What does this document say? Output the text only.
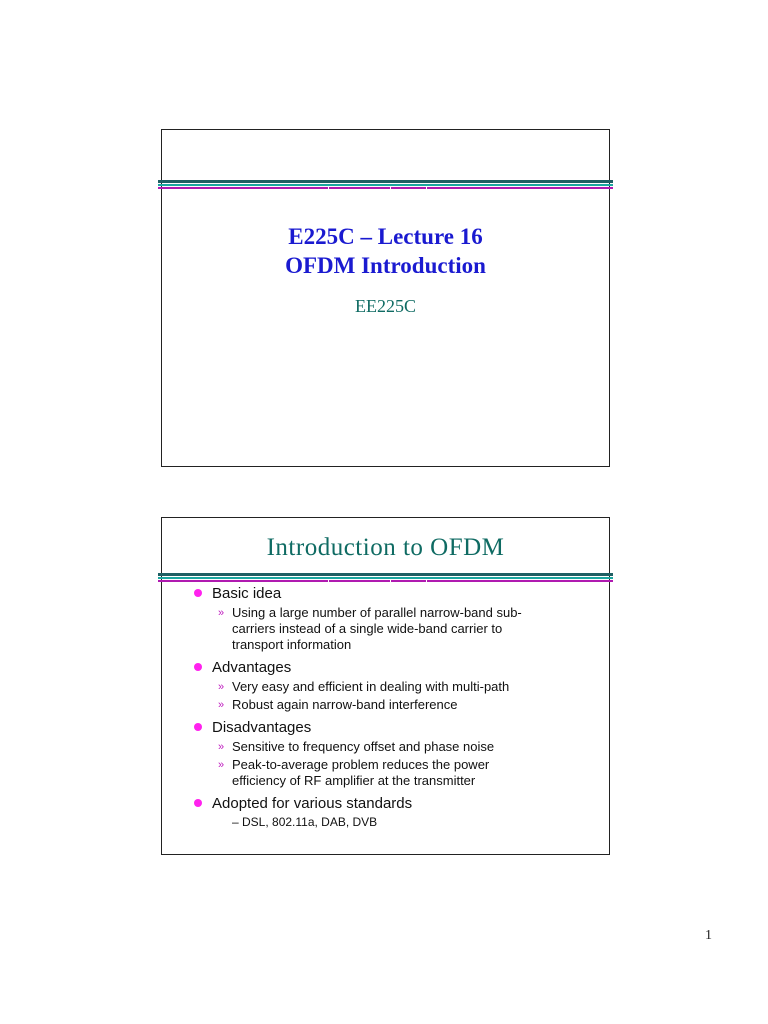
E225C – Lecture 16
OFDM Introduction
EE225C
Introduction to OFDM
Basic idea
» Using a large number of parallel narrow-band sub-
carriers instead of a single wide-band carrier to
transport information
Advantages
» Very easy and efficient in dealing with multi-path
» Robust again narrow-band interference
Disadvantages
» Sensitive to frequency offset and phase noise
» Peak-to-average problem reduces the power
efficiency of RF amplifier at the transmitter
Adopted for various standards
– DSL, 802.11a, DAB, DVB
1
